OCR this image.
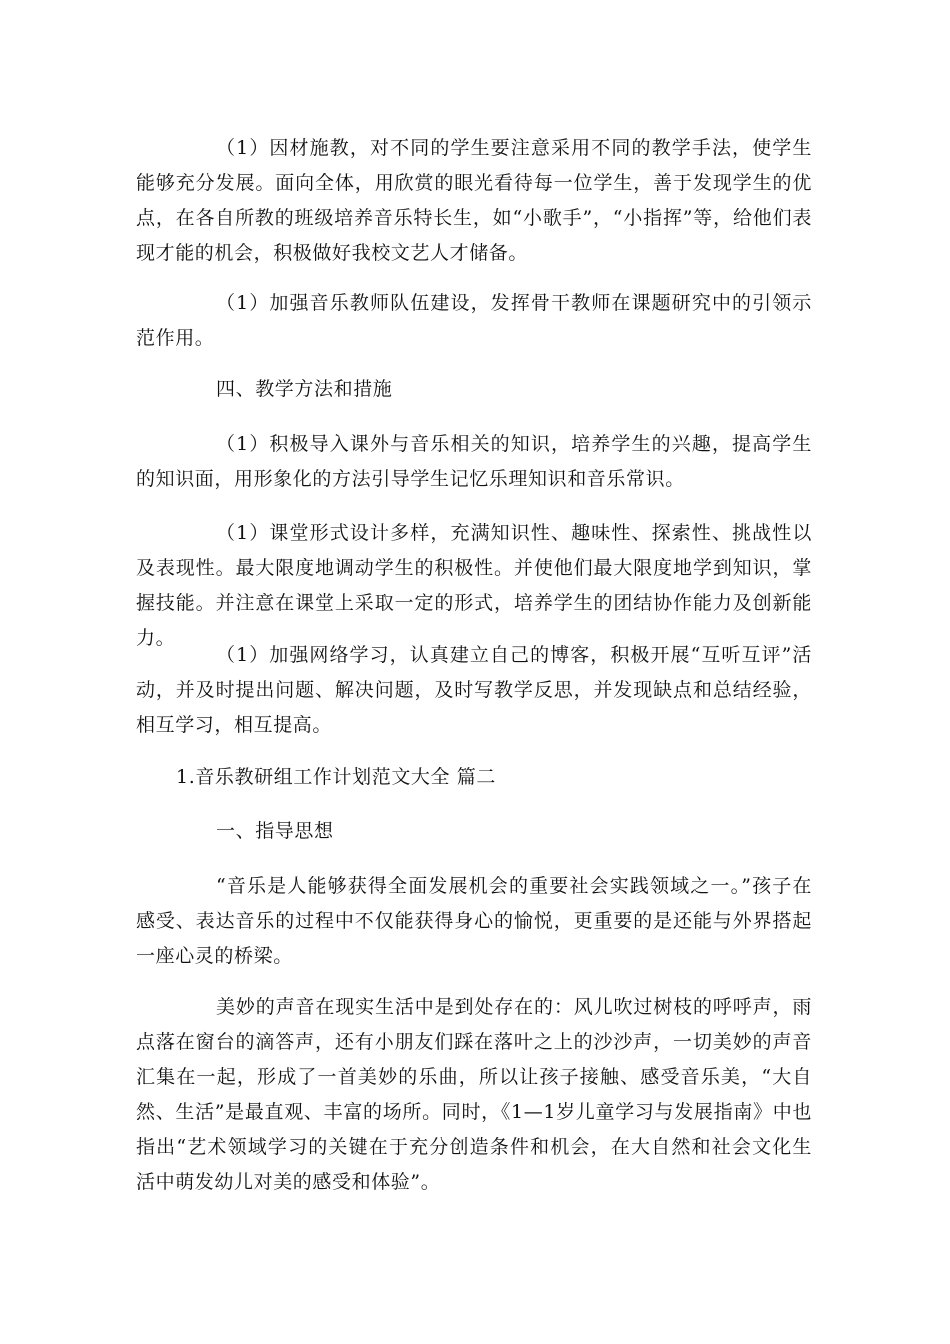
（1）因材施教，对不同的学生要注意采用不同的教学手法，使学生能够充分发展。面向全体，用欣赏的眼光看待每一位学生，善于发现学生的优点，在各自所教的班级培养音乐特长生，如“小歌手”，“小指挥”等，给他们表现才能的机会，积极做好我校文艺人才储备。

（1）加强音乐教师队伍建设，发挥骨干教师在课题研究中的引领示范作用。

四、教学方法和措施

（1）积极导入课外与音乐相关的知识，培养学生的兴趣，提高学生的知识面，用形象化的方法引导学生记忆乐理知识和音乐常识。

（1）课堂形式设计多样，充满知识性、趣味性、探索性、挑战性以及表现性。最大限度地调动学生的积极性。并使他们最大限度地学到知识，掌握技能。并注意在课堂上采取一定的形式，培养学生的团结协作能力及创新能力。

（1）加强网络学习，认真建立自己的博客，积极开展“互听互评”活动，并及时提出问题、解决问题，及时写教学反思，并发现缺点和总结经验，相互学习，相互提高。

1.音乐教研组工作计划范文大全 篇二

一、指导思想

“音乐是人能够获得全面发展机会的重要社会实践领域之一。”孩子在感受、表达音乐的过程中不仅能获得身心的愉悦，更重要的是还能与外界搭起一座心灵的桥梁。

美妙的声音在现实生活中是到处存在的：风儿吹过树枝的呼呼声，雨点落在窗台的滴答声，还有小朋友们踩在落叶之上的沙沙声，一切美妙的声音汇集在一起，形成了一首美妙的乐曲，所以让孩子接触、感受音乐美，“大自然、生活”是最直观、丰富的场所。同时，《1—1岁儿童学习与发展指南》中也指出“艺术领域学习的关键在于充分创造条件和机会，在大自然和社会文化生活中萌发幼儿对美的感受和体验”。
